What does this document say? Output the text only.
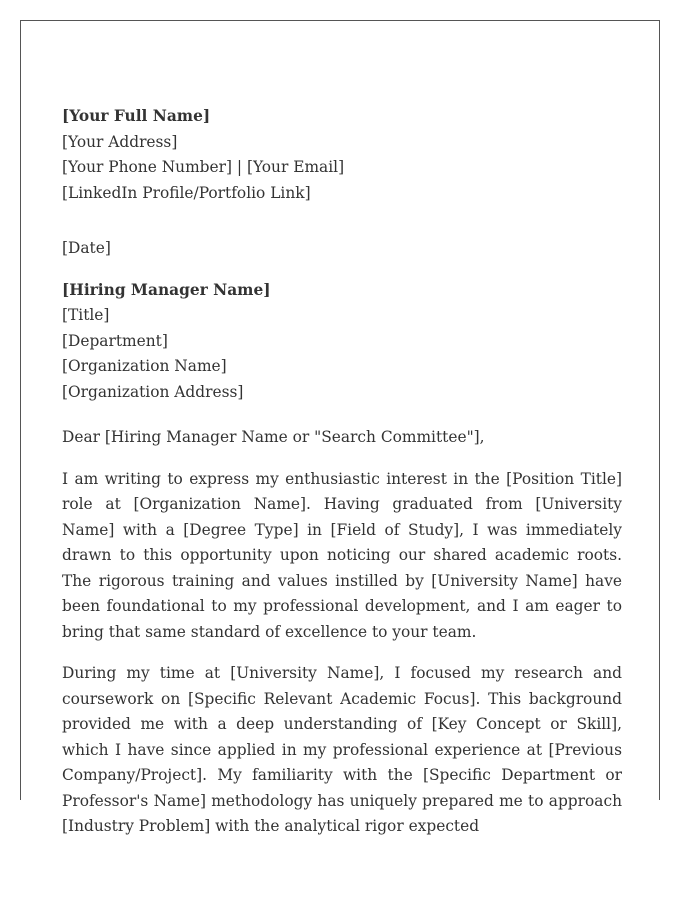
[Your Full Name]
[Your Address]
[Your Phone Number] | [Your Email]
[LinkedIn Profile/Portfolio Link]
[Date]
[Hiring Manager Name]
[Title]
[Department]
[Organization Name]
[Organization Address]
Dear [Hiring Manager Name or "Search Committee"],

I am writing to express my enthusiastic interest in the [Position Title] role at [Organization Name]. Having graduated from [University Name] with a [Degree Type] in [Field of Study], I was immediately drawn to this opportunity upon noticing our shared academic roots. The rigorous training and values instilled by [University Name] have been foundational to my professional development, and I am eager to bring that same standard of excellence to your team.

During my time at [University Name], I focused my research and coursework on [Specific Relevant Academic Focus]. This background provided me with a deep understanding of [Key Concept or Skill], which I have since applied in my professional experience at [Previous Company/Project]. My familiarity with the [Specific Department or Professor's Name] methodology has uniquely prepared me to approach [Industry Problem] with the analytical rigor expected
